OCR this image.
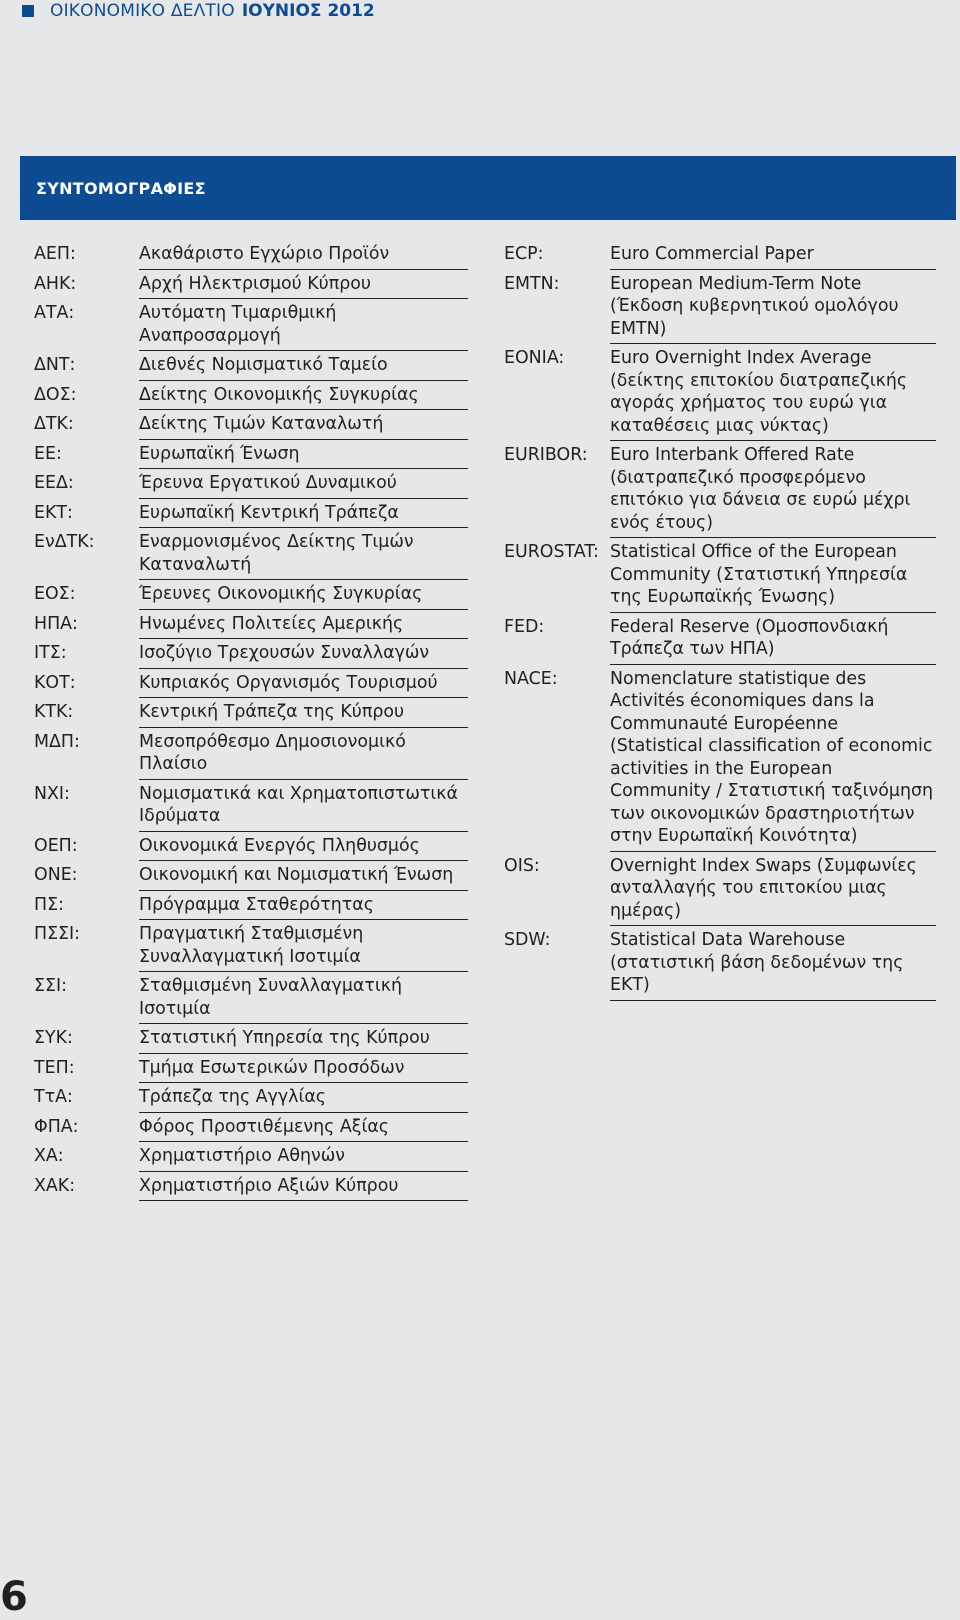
ΟΙΚΟΝΟΜΙΚΟ ΔΕΛΤΙΟ ΙΟΥΝΙΟΣ 2012
ΣΥΝΤΟΜΟΓΡΑΦΙΕΣ
ΑΕΠ:	Ακαθάριστο Εγχώριο Προϊόν
ΑΗΚ:	Αρχή Ηλεκτρισμού Κύπρου
ΑΤΑ:	Αυτόματη Τιμαριθμική Αναπροσαρμογή
ΔΝΤ:	Διεθνές Νομισματικό Ταμείο
ΔΟΣ:	Δείκτης Οικονομικής Συγκυρίας
ΔΤΚ:	Δείκτης Τιμών Καταναλωτή
ΕΕ:	Ευρωπαϊκή Ένωση
ΕΕΔ:	Έρευνα Εργατικού Δυναμικού
ΕΚΤ:	Ευρωπαϊκή Κεντρική Τράπεζα
ΕνΔΤΚ:	Εναρμονισμένος Δείκτης Τιμών Καταναλωτή
ΕΟΣ:	Έρευνες Οικονομικής Συγκυρίας
ΗΠΑ:	Ηνωμένες Πολιτείες Αμερικής
ΙΤΣ:	Ισοζύγιο Τρεχουσών Συναλλαγών
ΚΟΤ:	Κυπριακός Οργανισμός Τουρισμού
ΚΤΚ:	Κεντρική Τράπεζα της Κύπρου
ΜΔΠ:	Μεσοπρόθεσμο Δημοσιονομικό Πλαίσιο
ΝΧΙ:	Νομισματικά και Χρηματοπιστωτικά Ιδρύματα
ΟΕΠ:	Οικονομικά Ενεργός Πληθυσμός
ΟΝΕ:	Οικονομική και Νομισματική Ένωση
ΠΣ:	Πρόγραμμα Σταθερότητας
ΠΣΣΙ:	Πραγματική Σταθμισμένη Συναλλαγματική Ισοτιμία
ΣΣΙ:	Σταθμισμένη Συναλλαγματική Ισοτιμία
ΣΥΚ:	Στατιστική Υπηρεσία της Κύπρου
ΤΕΠ:	Τμήμα Εσωτερικών Προσόδων
ΤτΑ:	Τράπεζα της Αγγλίας
ΦΠΑ:	Φόρος Προστιθέμενης Αξίας
ΧΑ:	Χρηματιστήριο Αθηνών
ΧΑΚ:	Χρηματιστήριο Αξιών Κύπρου
ECP:	Euro Commercial Paper
EMTN:	European Medium-Term Note (Έκδοση κυβερνητικού ομολόγου EMTN)
EONIA:	Euro Overnight Index Average (δείκτης επιτοκίου διατραπεζικής αγοράς χρήματος του ευρώ για καταθέσεις μιας νύκτας)
EURIBOR:	Euro Interbank Offered Rate (διατραπεζικό προσφερόμενο επιτόκιο για δάνεια σε ευρώ μέχρι ενός έτους)
EUROSTAT: Statistical Office of the European Community (Στατιστική Υπηρεσία της Ευρωπαϊκής Ένωσης)
FED:	Federal Reserve (Ομοσπονδιακή Τράπεζα των ΗΠΑ)
NACE:	Nomenclature statistique des Activités économiques dans la Communauté Européenne (Statistical classification of economic activities in the European Community / Στατιστική ταξινόμηση των οικονομικών δραστηριοτήτων στην Ευρωπαϊκή Κοινότητα)
OIS:	Overnight Index Swaps (Συμφωνίες ανταλλαγής του επιτοκίου μιας ημέρας)
SDW:	Statistical Data Warehouse (στατιστική βάση δεδομένων της ΕΚΤ)
6
